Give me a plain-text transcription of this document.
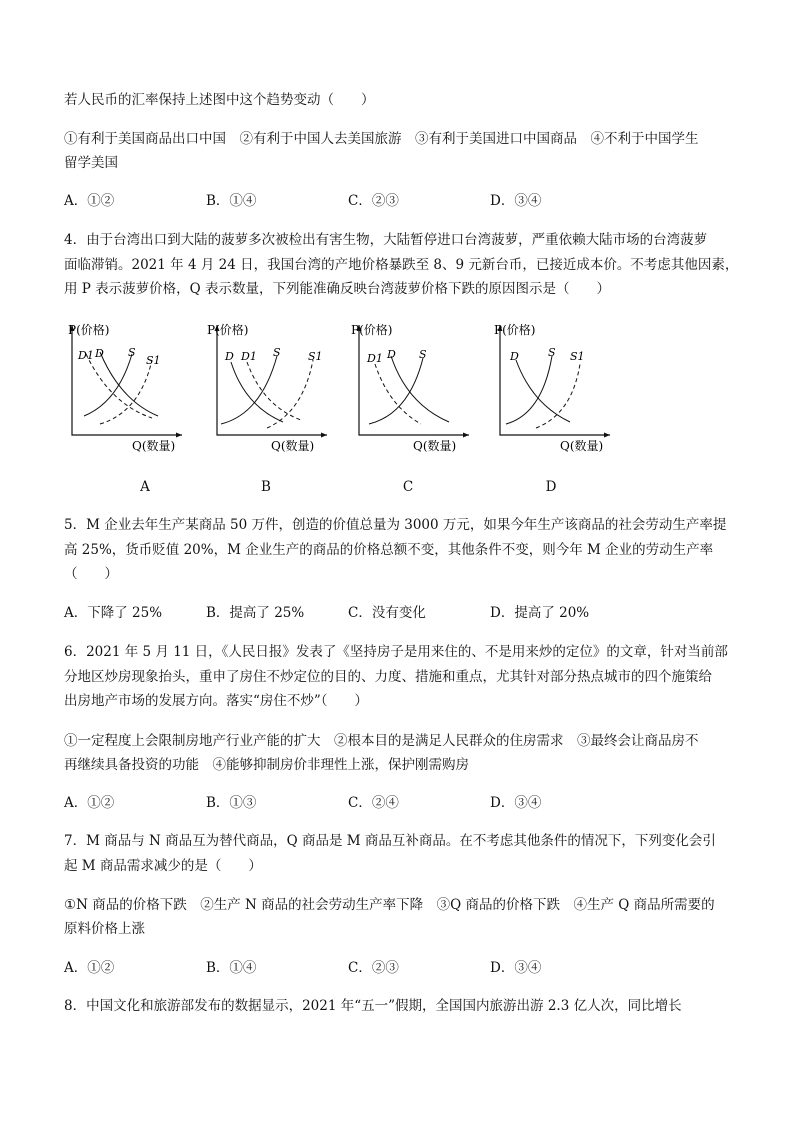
若人民币的汇率保持上述图中这个趋势变动（　　）
①有利于美国商品出口中国　②有利于中国人去美国旅游　③有利于美国进口中国商品　④不利于中国学生
留学美国
A．①②	B．①④	C．②③	D．③④
4．由于台湾出口到大陆的菠萝多次被检出有害生物，大陆暂停进口台湾菠萝，严重依赖大陆市场的台湾菠萝
面临滞销。2021 年 4 月 24 日，我国台湾的产地价格暴跌至 8、9 元新台币，已接近成本价。不考虑其他因素，
用 P 表示菠萝价格，Q 表示数量，下列能准确反映台湾菠萝价格下跌的原因图示是（　　）
P(价格)
Q(数量)
D1 D S
S1
P(价格)
Q(数量)
D D1 S S1
P(价格)
Q(数量)
D1 D S
P(价格)
Q(数量)
D	S S1
A	B	C	D
5．M 企业去年生产某商品 50 万件，创造的价值总量为 3000 万元，如果今年生产该商品的社会劳动生产率提
高 25%，货币贬值 20%，M 企业生产的商品的价格总额不变，其他条件不变，则今年 M 企业的劳动生产率
（　　）
A．下降了 25%	B．提高了 25%	C．没有变化	D．提高了 20%
6．2021 年 5 月 11 日，《人民日报》发表了《坚持房子是用来住的、不是用来炒的定位》的文章，针对当前部
分地区炒房现象抬头，重申了房住不炒定位的目的、力度、措施和重点，尤其针对部分热点城市的四个施策给
出房地产市场的发展方向。落实“房住不炒”（　　）
①一定程度上会限制房地产行业产能的扩大　②根本目的是满足人民群众的住房需求　③最终会让商品房不
再继续具备投资的功能　④能够抑制房价非理性上涨，保护刚需购房
A．①②	B．①③	C．②④	D．③④
7．M 商品与 N 商品互为替代商品，Q 商品是 M 商品互补商品。在不考虑其他条件的情况下，下列变化会引
起 M 商品需求减少的是（　　）
①N 商品的价格下跌　②生产 N 商品的社会劳动生产率下降　③Q 商品的价格下跌　④生产 Q 商品所需要的
原料价格上涨
A．①②	B．①④	C．②③	D．③④
8．中国文化和旅游部发布的数据显示，2021 年“五一”假期，全国国内旅游出游 2.3 亿人次，同比增长
